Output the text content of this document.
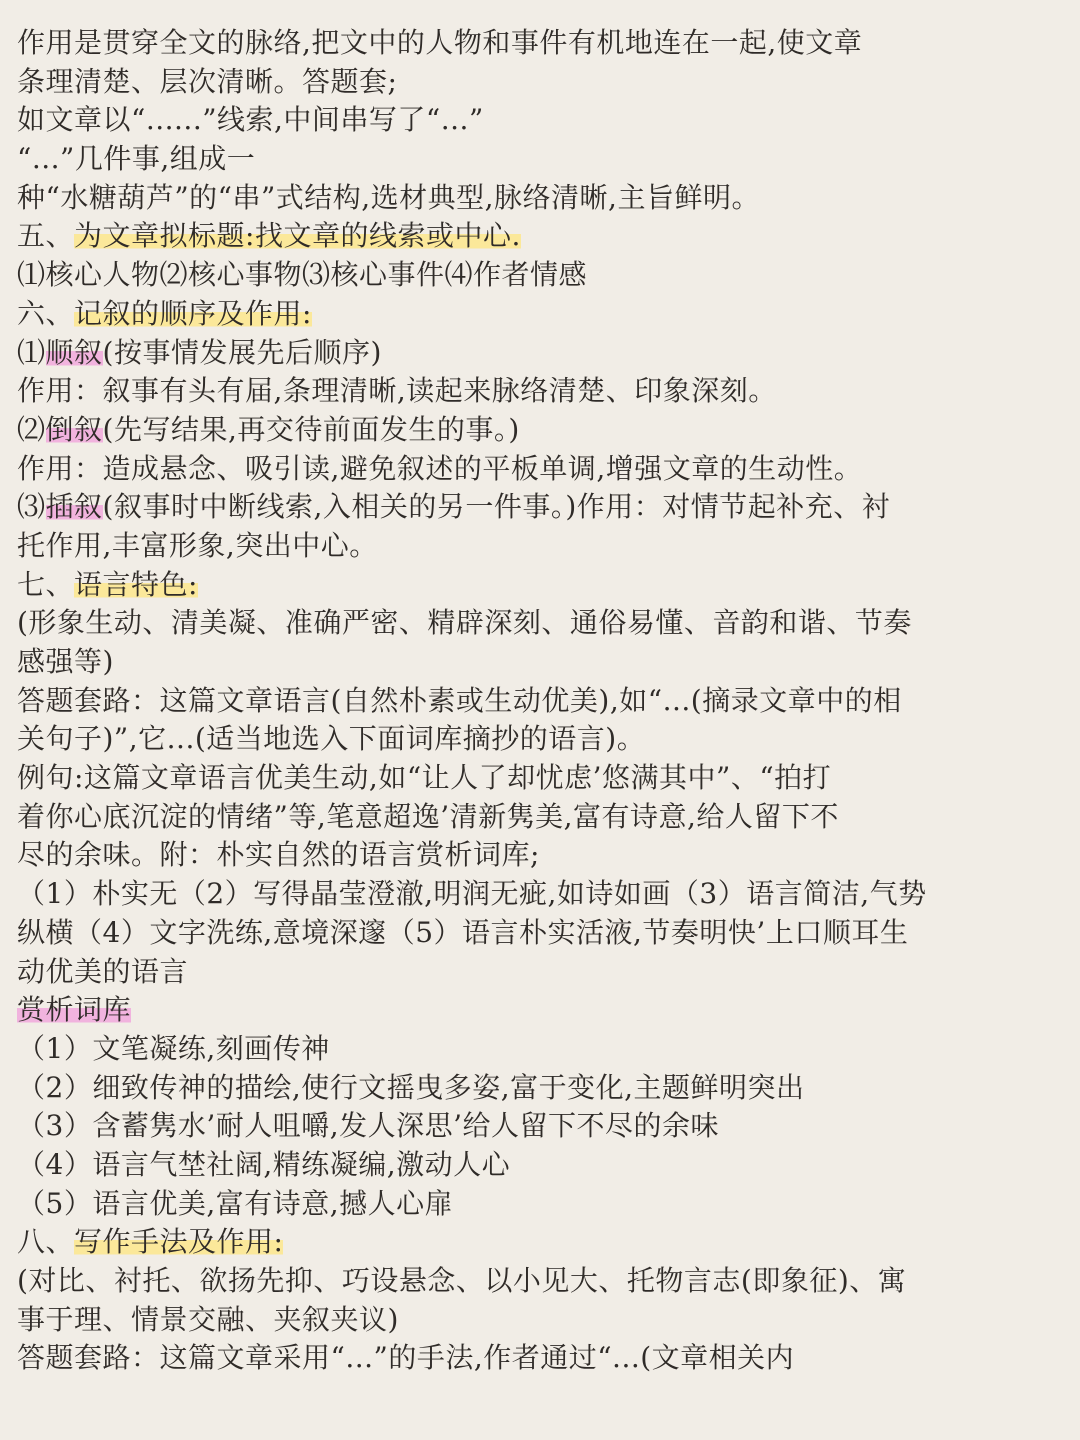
作用是贯穿全文的脉络,把文中的人物和事件有机地连在一起,使文章
条理清楚、层次清晰。答题套;
如文章以“......”线索,中间串写了“...”
“...”几件事,组成一
种“水糖葫芦”的“串”式结构,选材典型,脉络清晰,主旨鲜明。
五、为文章拟标题:找文章的线索或中心.
⑴核心人物⑵核心事物⑶核心事件⑷作者情感
六、记叙的顺序及作用:
⑴顺叙(按事情发展先后顺序)
作用：叙事有头有届,条理清晰,读起来脉络清楚、印象深刻。
⑵倒叙(先写结果,再交待前面发生的事。)
作用：造成悬念、吸引读,避免叙述的平板单调,增强文章的生动性。
⑶插叙(叙事时中断线索,入相关的另一件事。)作用：对情节起补充、衬
托作用,丰富形象,突出中心。
七、语言特色:
(形象生动、清美凝、准确严密、精辟深刻、通俗易懂、音韵和谐、节奏
感强等)
答题套路：这篇文章语言(自然朴素或生动优美),如“...(摘录文章中的相
关句子)”,它...(适当地选入下面词库摘抄的语言)。
例句:这篇文章语言优美生动,如“让人了却忧虑’悠满其中”、“拍打
着你心底沉淀的情绪”等,笔意超逸’清新隽美,富有诗意,给人留下不
尽的余味。附：朴实自然的语言赏析词库;
（1）朴实无（2）写得晶莹澄澈,明润无疵,如诗如画（3）语言简洁,气势
纵横（4）文字洗练,意境深邃（5）语言朴实活液,节奏明快’上口顺耳生
动优美的语言
赏析词库
（1）文笔凝练,刻画传神
（2）细致传神的描绘,使行文摇曳多姿,富于变化,主题鲜明突出
（3）含蓄隽水’耐人咀嚼,发人深思’给人留下不尽的余味
（4）语言气埜社阔,精练凝编,激动人心
（5）语言优美,富有诗意,撼人心扉
八、写作手法及作用:
(对比、衬托、欲扬先抑、巧设悬念、以小见大、托物言志(即象征)、寓
事于理、情景交融、夹叙夹议)
答题套路：这篇文章采用“...”的手法,作者通过“...(文章相关内
